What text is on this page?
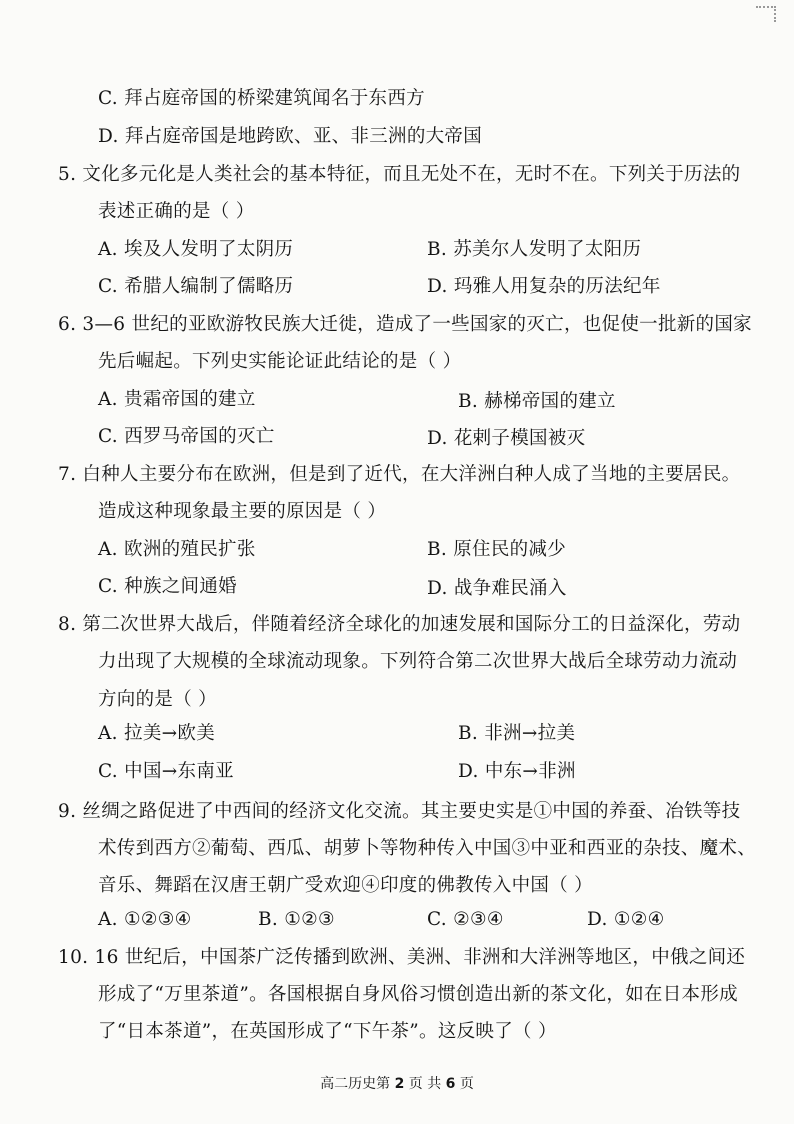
C. 拜占庭帝国的桥梁建筑闻名于东西方
D. 拜占庭帝国是地跨欧、亚、非三洲的大帝国
5. 文化多元化是人类社会的基本特征，而且无处不在，无时不在。下列关于历法的
表述正确的是（ ）
A. 埃及人发明了太阴历	B. 苏美尔人发明了太阳历
C. 希腊人编制了儒略历	D. 玛雅人用复杂的历法纪年
6. 3—6 世纪的亚欧游牧民族大迁徙，造成了一些国家的灭亡，也促使一批新的国家
先后崛起。下列史实能论证此结论的是（ ）
A. 贵霜帝国的建立	B. 赫梯帝国的建立
C. 西罗马帝国的灭亡	D. 花剌子模国被灭
7. 白种人主要分布在欧洲，但是到了近代，在大洋洲白种人成了当地的主要居民。
造成这种现象最主要的原因是（ ）
A. 欧洲的殖民扩张	B. 原住民的减少
C. 种族之间通婚	D. 战争难民涌入
8. 第二次世界大战后，伴随着经济全球化的加速发展和国际分工的日益深化，劳动
力出现了大规模的全球流动现象。下列符合第二次世界大战后全球劳动力流动
方向的是（ ）
A. 拉美→欧美	B. 非洲→拉美
C. 中国→东南亚	D. 中东→非洲
9. 丝绸之路促进了中西间的经济文化交流。其主要史实是①中国的养蚕、冶铁等技
术传到西方②葡萄、西瓜、胡萝卜等物种传入中国③中亚和西亚的杂技、魔术、
音乐、舞蹈在汉唐王朝广受欢迎④印度的佛教传入中国（ ）
A. ①②③④	B. ①②③	C. ②③④	D. ①②④
10. 16 世纪后，中国茶广泛传播到欧洲、美洲、非洲和大洋洲等地区，中俄之间还
形成了“万里茶道”。各国根据自身风俗习惯创造出新的茶文化，如在日本形成
了“日本茶道”，在英国形成了“下午茶”。这反映了（ ）
高二历史第 2 页 共 6 页
